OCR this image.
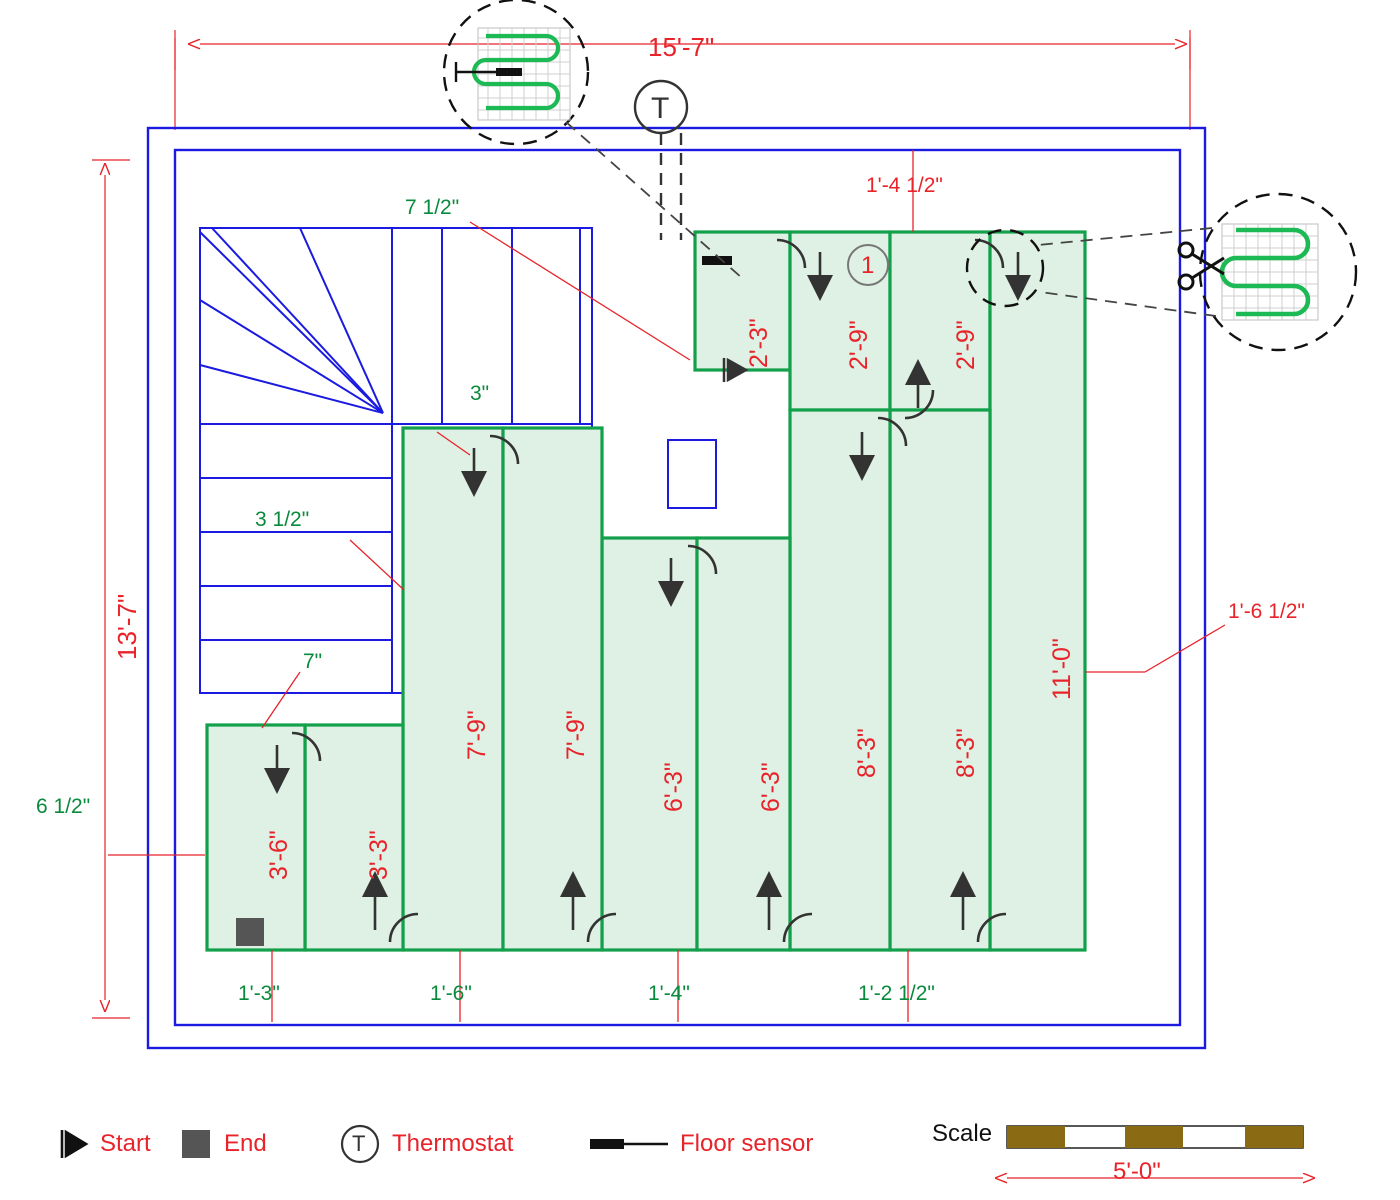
15'-7"
13'-7"
1'-4 1/2"
1'-6 1/2"
6 1/2"
7 1/2"
3"
3 1/2"
7"
1'-3"	1'-6"	1'-4"	1'-2 1/2"
2'-3"	2'-9"	2'-9"
3'-6"	3'-3"
7'-9"	7'-9"
6'-3"	6'-3"
8'-3"	8'-3"
11'-0"
T
1
Start	End	Thermostat	Floor sensor
T	Scale
5'-0"
